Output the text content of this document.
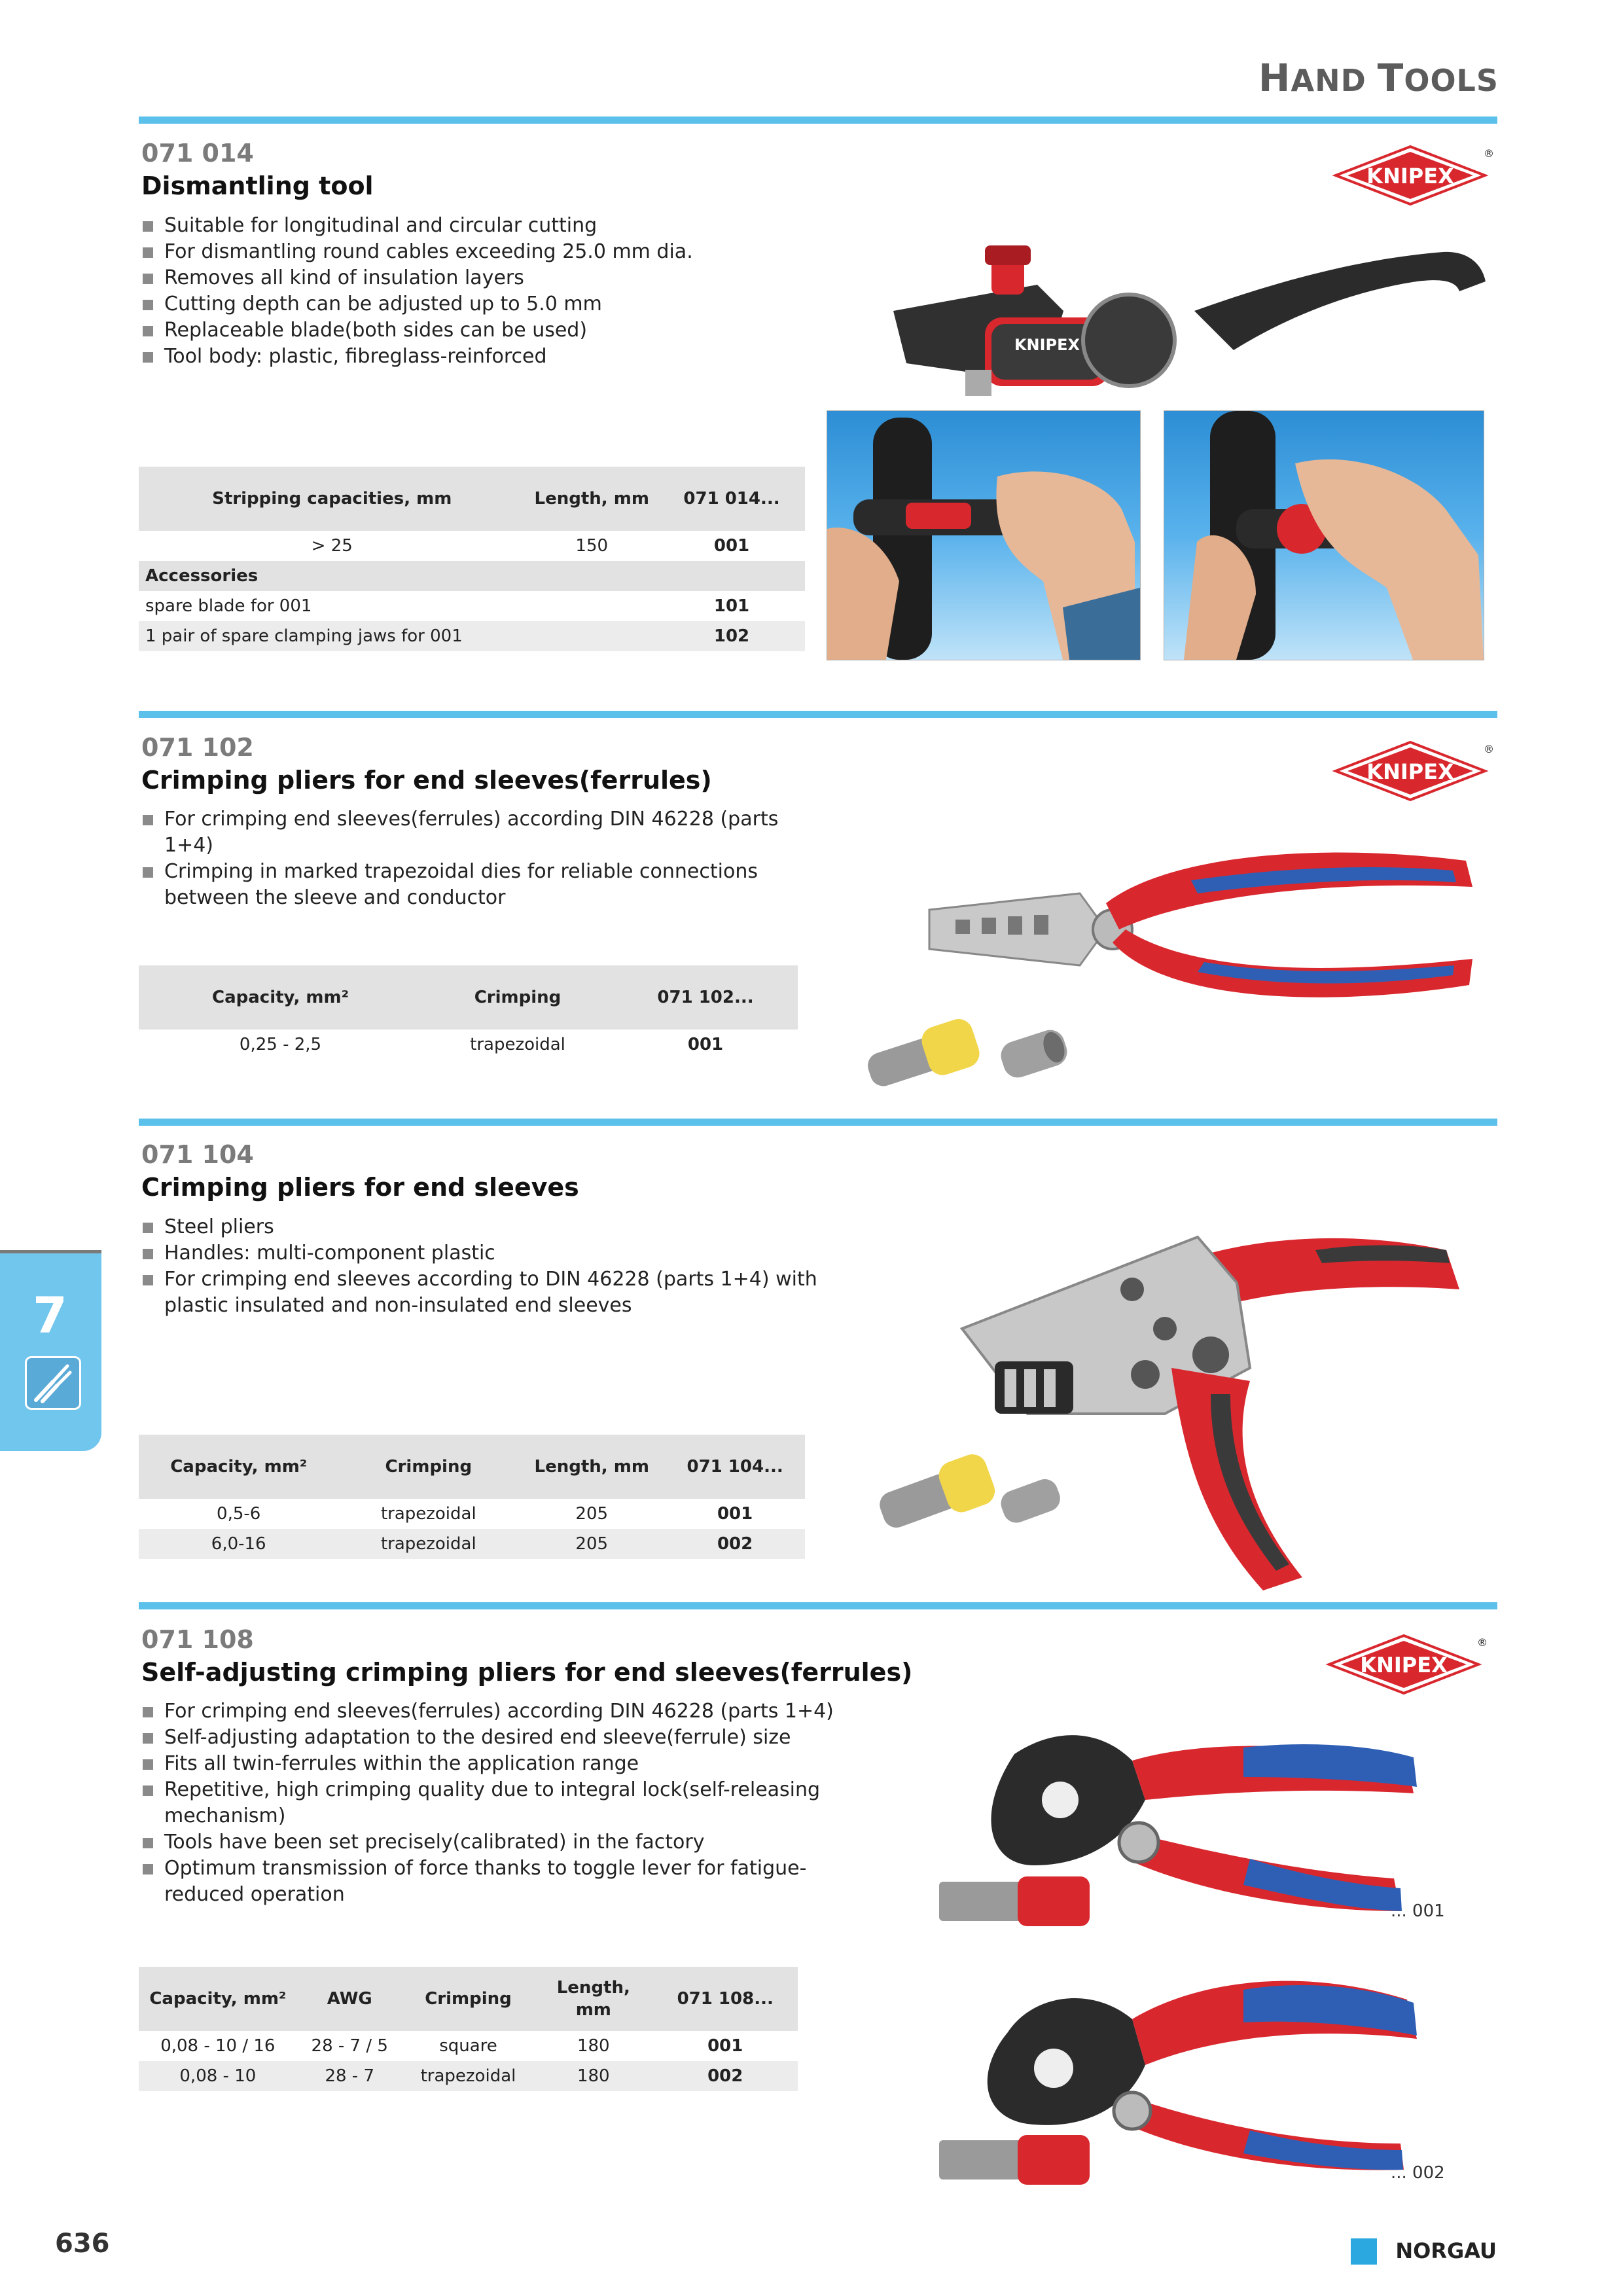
HAND TOOLS
071 014
Dismantling tool
Suitable for longitudinal and circular cutting
For dismantling round cables exceeding 25.0 mm dia.
Removes all kind of insulation layers
Cutting depth can be adjusted up to 5.0 mm
Replaceable blade(both sides can be used)
Tool body: plastic, fibreglass-reinforced
KNIPEX
®
KNIPEX
Stripping capacities, mm	Length, mm	071 014...
> 25	150	001
Accessories		
spare blade for 001		101
1 pair of spare clamping jaws for 001		102
071 102
Crimping pliers for end sleeves(ferrules)
For crimping end sleeves(ferrules) according DIN 46228 (parts 1+4)
Crimping in marked trapezoidal dies for reliable connections between the sleeve and conductor
KNIPEX
®
Capacity, mm²	Crimping	071 102...
0,25 - 2,5	trapezoidal	001
071 104
Crimping pliers for end sleeves
Steel pliers
Handles: multi-component plastic
For crimping end sleeves according to DIN 46228 (parts 1+4) with plastic insulated and non-insulated end sleeves
Capacity, mm²	Crimping	Length, mm	071 104...
0,5-6	trapezoidal	205	001
6,0-16	trapezoidal	205	002
7
071 108
Self-adjusting crimping pliers for end sleeves(ferrules)
For crimping end sleeves(ferrules) according DIN 46228 (parts 1+4)
Self-adjusting adaptation to the desired end sleeve(ferrule) size
Fits all twin-ferrules within the application range
Repetitive, high crimping quality due to integral lock(self-releasing mechanism)
Tools have been set precisely(calibrated) in the factory
Optimum transmission of force thanks to toggle lever for fatigue-reduced operation
KNIPEX
®
... 001
... 002
Capacity, mm²	AWG	Crimping	Length, mm	071 108...
0,08 - 10 / 16	28 - 7 / 5	square	180	001
0,08 - 10	28 - 7	trapezoidal	180	002
636	NORGAU
